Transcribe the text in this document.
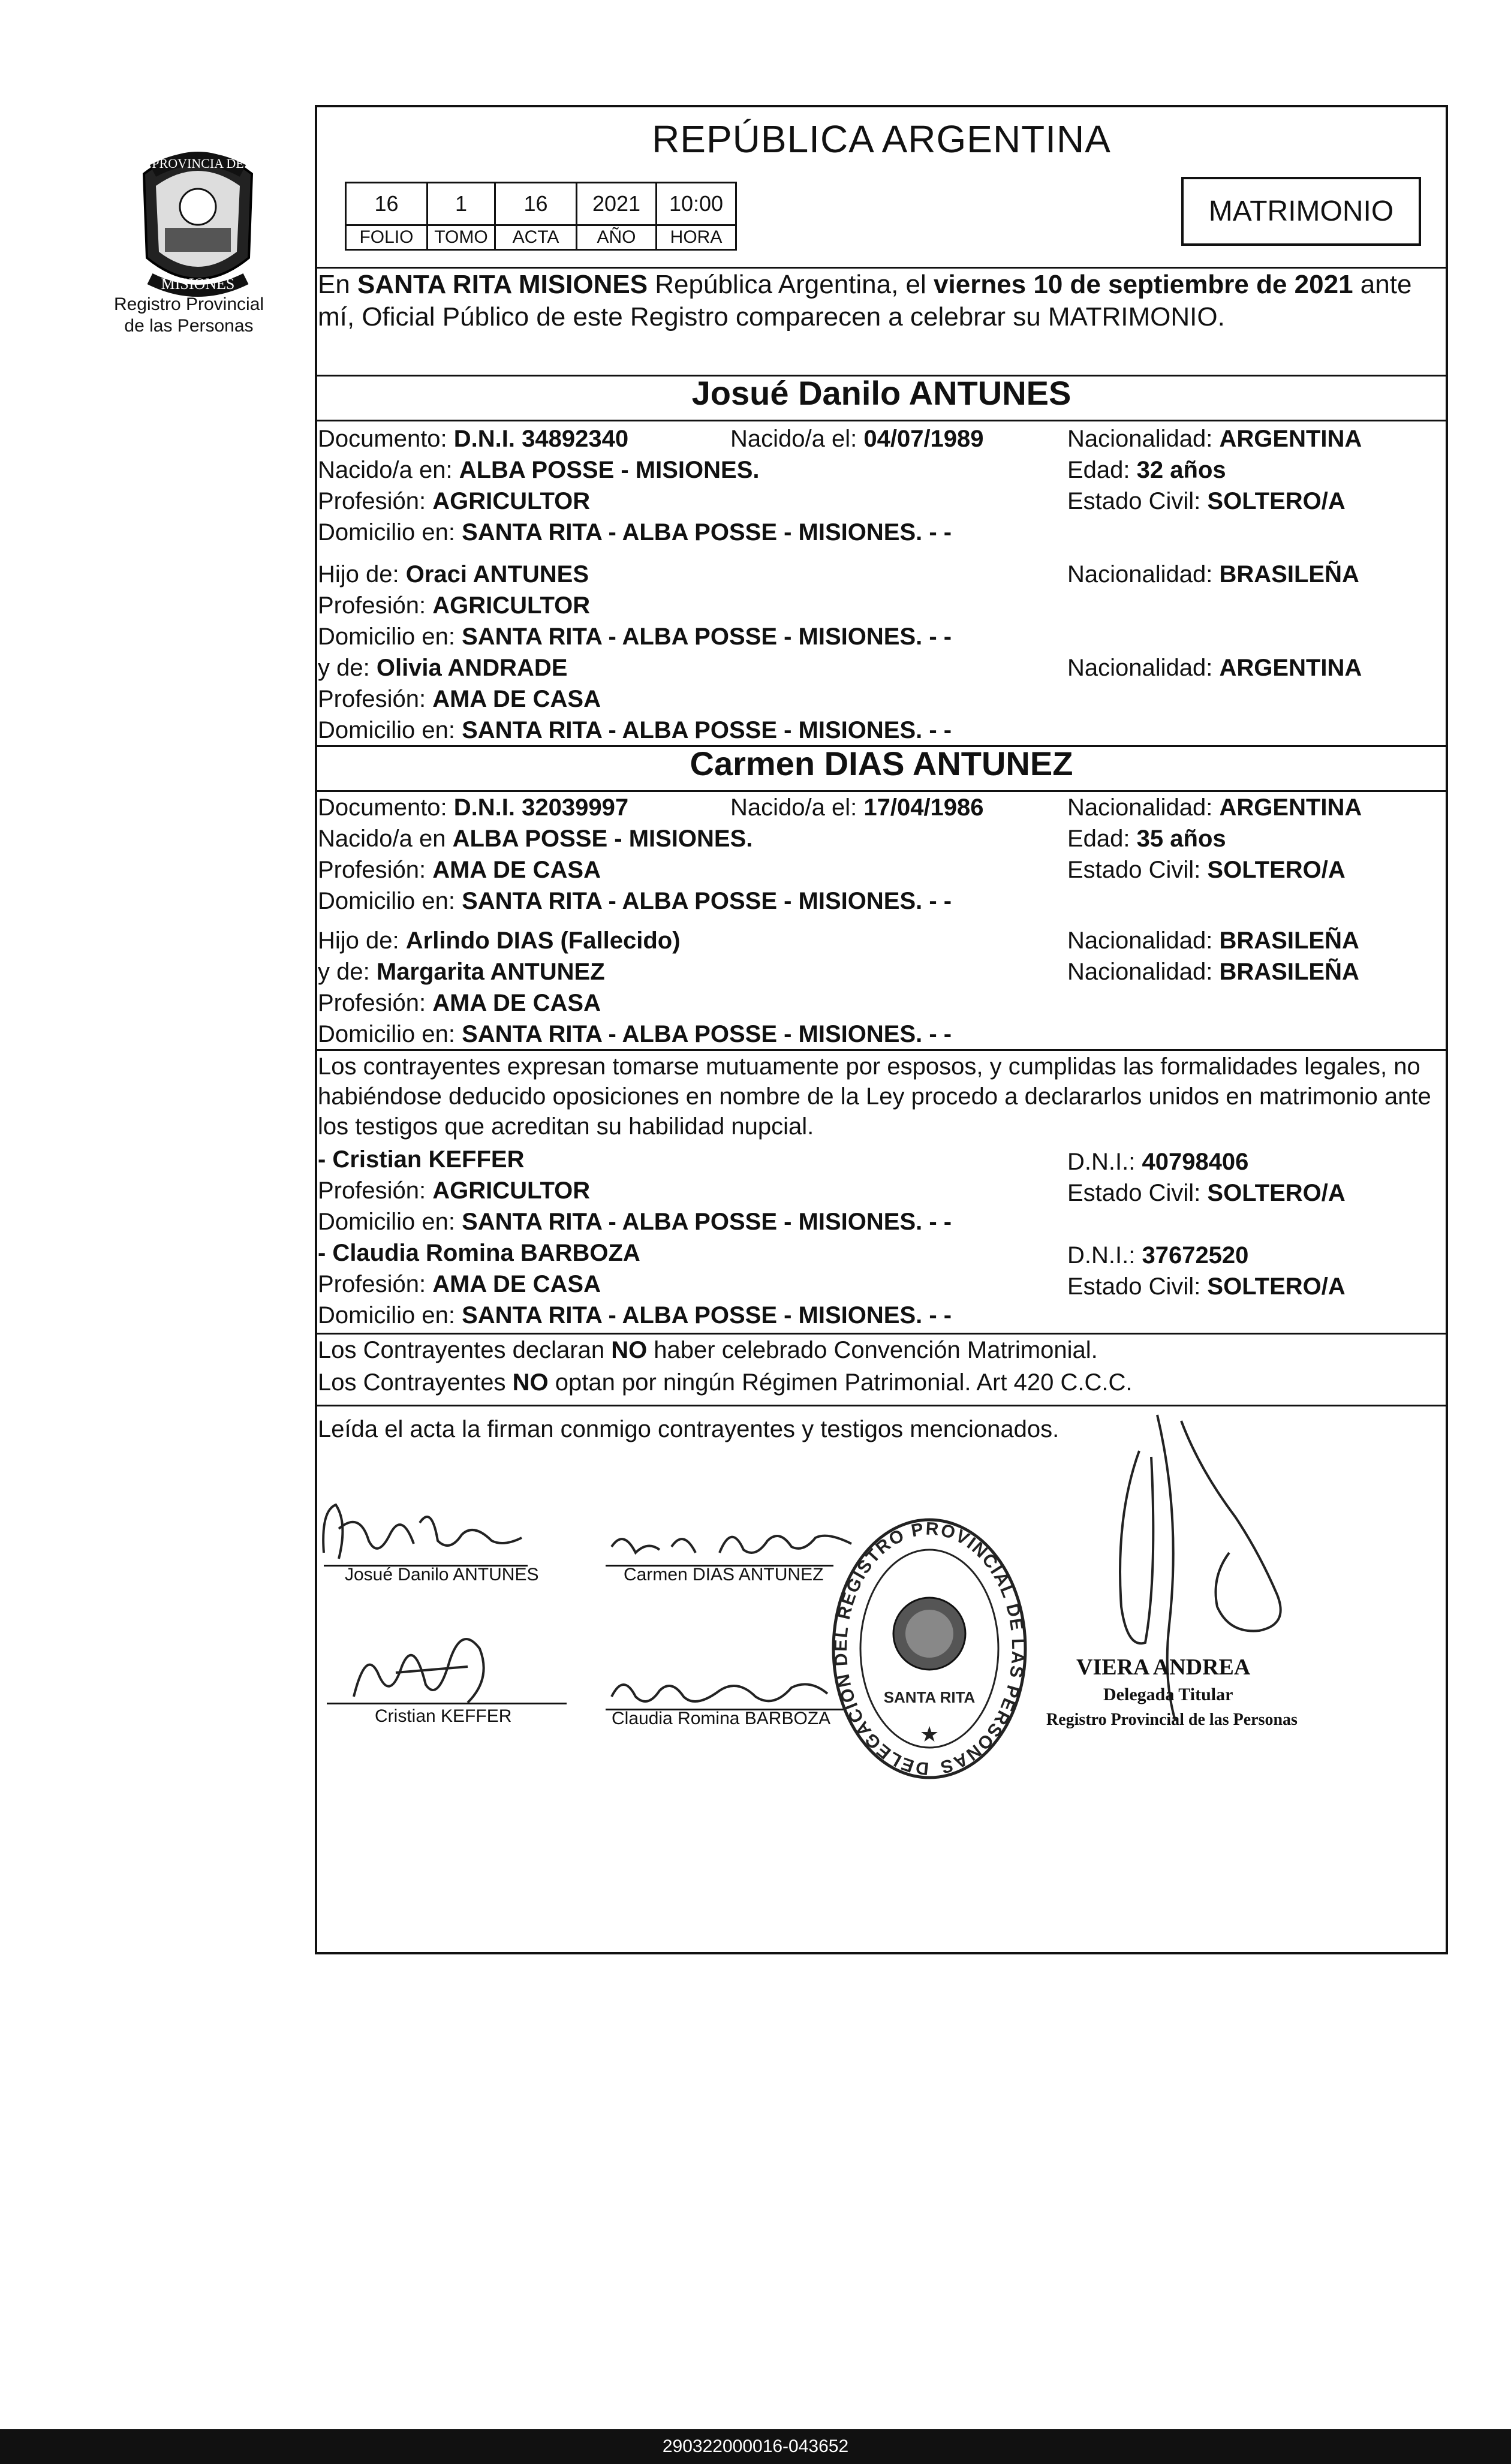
PROVINCIA DE
MISIONES
Registro Provincial
de las Personas
REPÚBLICA ARGENTINA
16	1	16	2021	10:00
FOLIO	TOMO	ACTA	AÑO	HORA
MATRIMONIO
En SANTA RITA MISIONES República Argentina, el viernes 10 de septiembre de 2021 ante
mí, Oficial Público de este Registro comparecen a celebrar su MATRIMONIO.
Josué Danilo ANTUNES
Documento: D.N.I. 34892340	Nacido/a el: 04/07/1989	Nacionalidad: ARGENTINA
Nacido/a en: ALBA POSSE - MISIONES.	Edad: 32 años
Profesión: AGRICULTOR	Estado Civil: SOLTERO/A
Domicilio en: SANTA RITA - ALBA POSSE - MISIONES. - -
Hijo de: Oraci ANTUNES	Nacionalidad: BRASILEÑA
Profesión: AGRICULTOR
Domicilio en: SANTA RITA - ALBA POSSE - MISIONES. - -
y de: Olivia ANDRADE	Nacionalidad: ARGENTINA
Profesión: AMA DE CASA
Domicilio en: SANTA RITA - ALBA POSSE - MISIONES. - -
Carmen DIAS ANTUNEZ
Documento: D.N.I. 32039997	Nacido/a el: 17/04/1986	Nacionalidad: ARGENTINA
Nacido/a en ALBA POSSE - MISIONES.	Edad: 35 años
Profesión: AMA DE CASA	Estado Civil: SOLTERO/A
Domicilio en: SANTA RITA - ALBA POSSE - MISIONES. - -
Hijo de: Arlindo DIAS (Fallecido)	Nacionalidad: BRASILEÑA
y de: Margarita ANTUNEZ	Nacionalidad: BRASILEÑA
Profesión: AMA DE CASA
Domicilio en: SANTA RITA - ALBA POSSE - MISIONES. - -
Los contrayentes expresan tomarse mutuamente por esposos, y cumplidas las formalidades legales, no
habiéndose deducido oposiciones en nombre de la Ley procedo a declararlos unidos en matrimonio ante
los testigos que acreditan su habilidad nupcial.
- Cristian KEFFER	D.N.I.: 40798406
Profesión: AGRICULTOR	Estado Civil: SOLTERO/A
Domicilio en: SANTA RITA - ALBA POSSE - MISIONES. - -
- Claudia Romina BARBOZA	D.N.I.: 37672520
Profesión: AMA DE CASA	Estado Civil: SOLTERO/A
Domicilio en: SANTA RITA - ALBA POSSE - MISIONES. - -
Los Contrayentes declaran NO haber celebrado Convención Matrimonial.
Los Contrayentes NO optan por ningún Régimen Patrimonial. Art 420 C.C.C.
Leída el acta la firman conmigo contrayentes y testigos mencionados.
Josué Danilo ANTUNES	Carmen DIAS ANTUNEZ
Cristian KEFFER	Claudia Romina BARBOZA
DELEGACION DEL REGISTRO PROVINCIAL DE LAS PERSONAS
SANTA RITA
★
VIERA ANDREA
Delegada Titular
Registro Provincial de las Personas
290322000016-043652
